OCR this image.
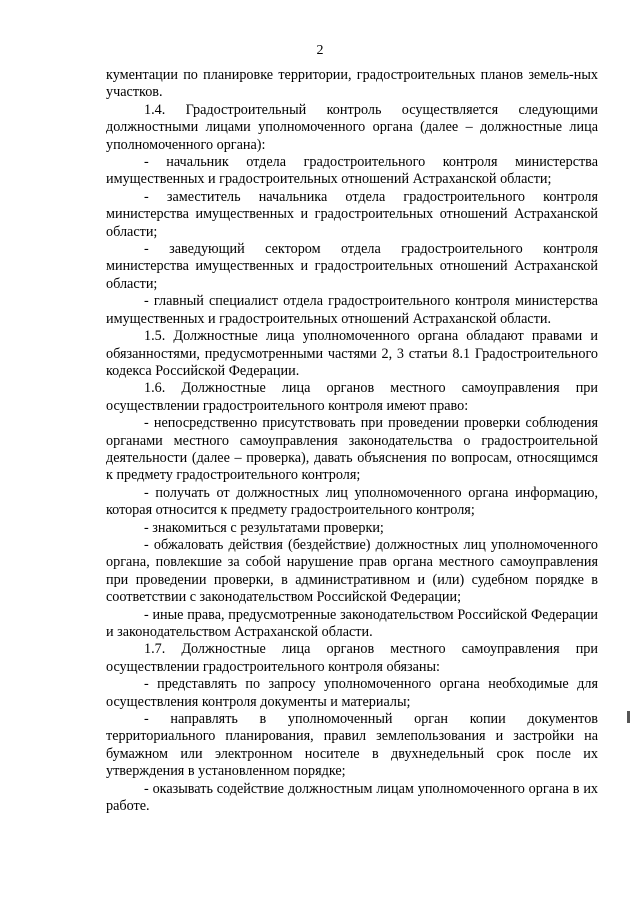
2

кументации по планировке территории, градостроительных планов земель-ных участков.

1.4. Градостроительный контроль осуществляется следующими должностными лицами уполномоченного органа (далее – должностные лица уполномоченного органа):

- начальник отдела градостроительного контроля министерства имущественных и градостроительных отношений Астраханской области;

- заместитель начальника отдела градостроительного контроля министерства имущественных и градостроительных отношений Астраханской области;

- заведующий сектором отдела градостроительного контроля министерства имущественных и градостроительных отношений Астраханской области;

- главный специалист отдела градостроительного контроля министерства имущественных и градостроительных отношений Астраханской области.

1.5. Должностные лица уполномоченного органа обладают правами и обязанностями, предусмотренными частями 2, 3 статьи 8.1 Градостроительного кодекса Российской Федерации.

1.6. Должностные лица органов местного самоуправления при осуществлении градостроительного контроля имеют право:

- непосредственно присутствовать при проведении проверки соблюдения органами местного самоуправления законодательства о градостроительной деятельности (далее – проверка), давать объяснения по вопросам, относящимся к предмету градостроительного контроля;

- получать от должностных лиц уполномоченного органа информацию, которая относится к предмету градостроительного контроля;

- знакомиться с результатами проверки;

- обжаловать действия (бездействие) должностных лиц уполномоченного органа, повлекшие за собой нарушение прав органа местного самоуправления при проведении проверки, в административном и (или) судебном порядке в соответствии с законодательством Российской Федерации;

- иные права, предусмотренные законодательством Российской Федерации и законодательством Астраханской области.

1.7. Должностные лица органов местного самоуправления при осуществлении градостроительного контроля обязаны:

- представлять по запросу уполномоченного органа необходимые для осуществления контроля документы и материалы;

- направлять в уполномоченный орган копии документов территориального планирования, правил землепользования и застройки на бумажном или электронном носителе в двухнедельный срок после их утверждения в установленном порядке;

- оказывать содействие должностным лицам уполномоченного органа в их работе.
